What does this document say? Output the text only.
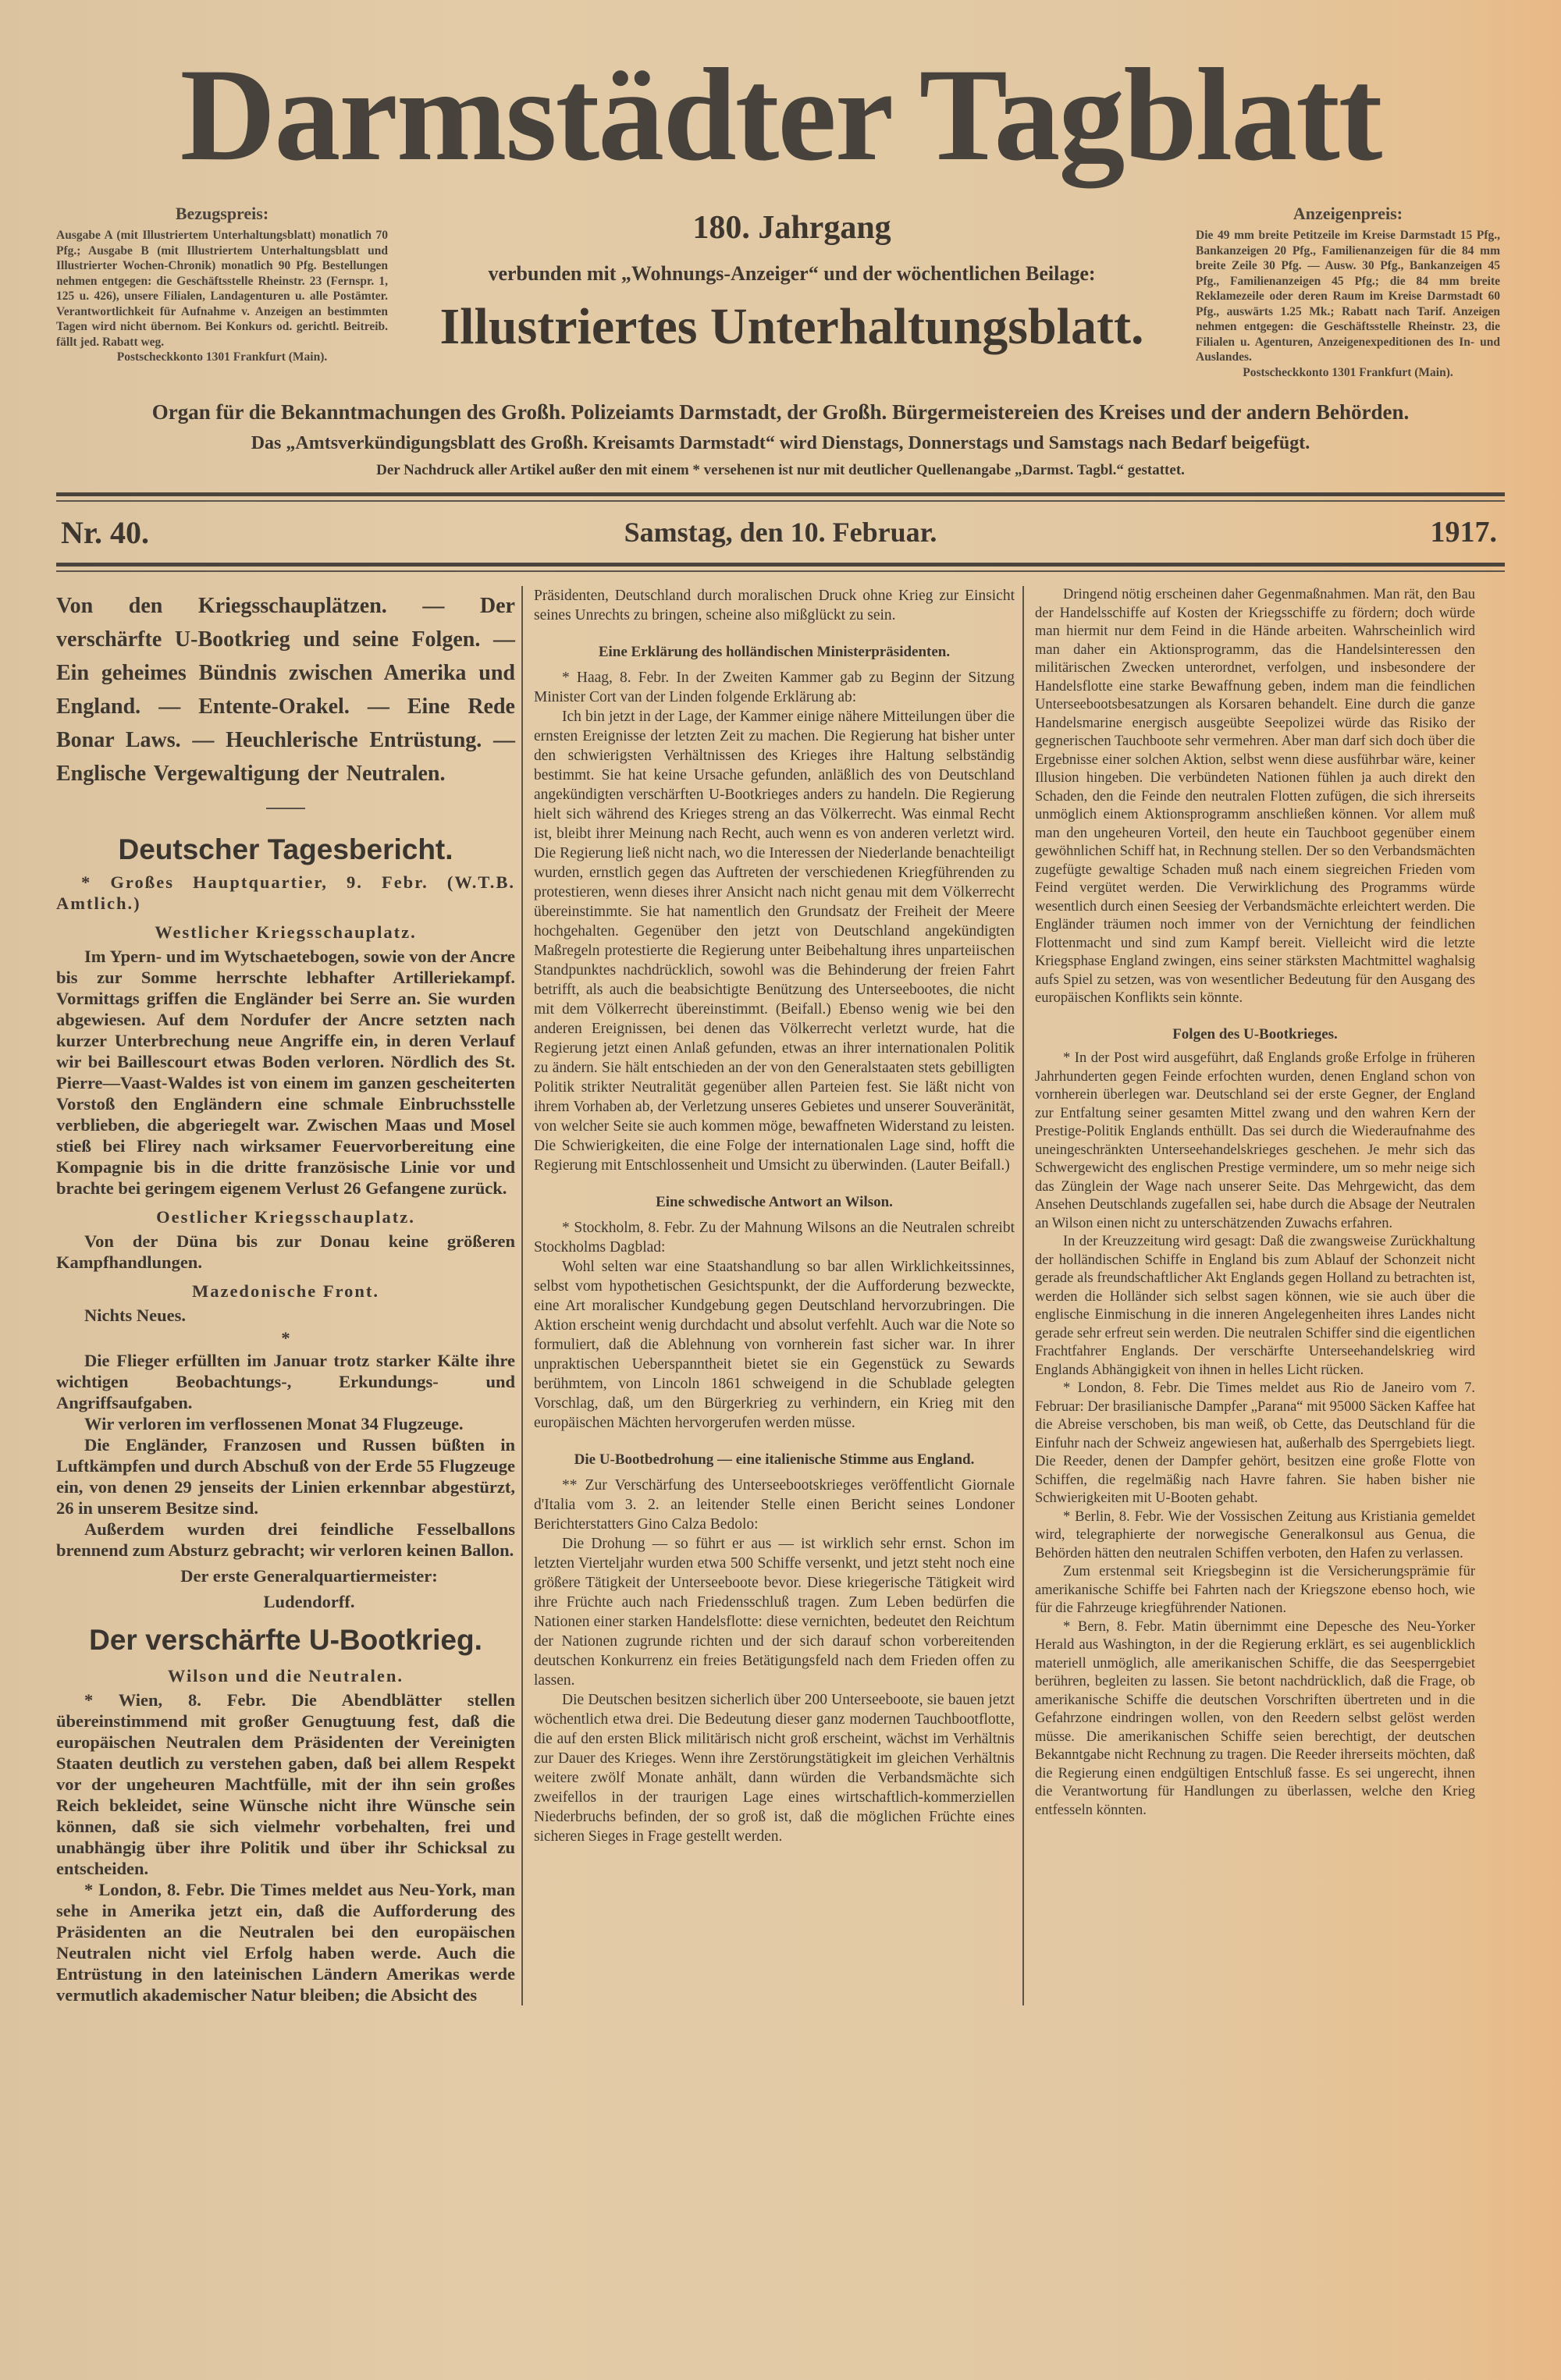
Darmstädter Tagblatt
Bezugspreis:
Ausgabe A (mit Illustriertem Unterhaltungsblatt) monatlich 70 Pfg.; Ausgabe B (mit Illustriertem Unterhaltungsblatt und Illustrierter Wochen-Chronik) monatlich 90 Pfg. Bestellungen nehmen entgegen: die Geschäftsstelle Rheinstr. 23 (Fernspr. 1, 125 u. 426), unsere Filialen, Landagenturen u. alle Postämter. Verantwortlichkeit für Aufnahme v. Anzeigen an bestimmten Tagen wird nicht übernom. Bei Konkurs od. gerichtl. Beitreib. fällt jed. Rabatt weg.
Postscheckkonto 1301 Frankfurt (Main).
180. Jahrgang
verbunden mit „Wohnungs-Anzeiger“ und der wöchentlichen Beilage:
Illustriertes Unterhaltungsblatt.
Anzeigenpreis:
Die 49 mm breite Petitzeile im Kreise Darmstadt 15 Pfg., Bankanzeigen 20 Pfg., Familienanzeigen für die 84 mm breite Zeile 30 Pfg. — Ausw. 30 Pfg., Bankanzeigen 45 Pfg., Familienanzeigen 45 Pfg.; die 84 mm breite Reklamezeile oder deren Raum im Kreise Darmstadt 60 Pfg., auswärts 1.25 Mk.; Rabatt nach Tarif. Anzeigen nehmen entgegen: die Geschäftsstelle Rheinstr. 23, die Filialen u. Agenturen, Anzeigenexpeditionen des In- und Auslandes.
Postscheckkonto 1301 Frankfurt (Main).
Organ für die Bekanntmachungen des Großh. Polizeiamts Darmstadt, der Großh. Bürgermeistereien des Kreises und der andern Behörden.
Das „Amtsverkündigungsblatt des Großh. Kreisamts Darmstadt“ wird Dienstags, Donnerstags und Samstags nach Bedarf beigefügt.
Der Nachdruck aller Artikel außer den mit einem * versehenen ist nur mit deutlicher Quellenangabe „Darmst. Tagbl.“ gestattet.
Nr. 40.	Samstag, den 10. Februar.	1917.
Von den Kriegsschauplätzen. — Der verschärfte U-Bootkrieg und seine Folgen. — Ein geheimes Bündnis zwischen Amerika und England. — Entente-Orakel. — Eine Rede Bonar Laws. — Heuchlerische Entrüstung. — Englische Vergewaltigung der Neutralen.
Deutscher Tagesbericht.
* Großes Hauptquartier, 9. Febr. (W.T.B. Amtlich.)
Westlicher Kriegsschauplatz.
Im Ypern- und im Wytschaetebogen, sowie von der Ancre bis zur Somme herrschte lebhafter Artilleriekampf. Vormittags griffen die Engländer bei Serre an. Sie wurden abgewiesen. Auf dem Nordufer der Ancre setzten nach kurzer Unterbrechung neue Angriffe ein, in deren Verlauf wir bei Baillescourt etwas Boden verloren. Nördlich des St. Pierre—Vaast-Waldes ist von einem im ganzen gescheiterten Vorstoß den Engländern eine schmale Einbruchsstelle verblieben, die abgeriegelt war. Zwischen Maas und Mosel stieß bei Flirey nach wirksamer Feuervorbereitung eine Kompagnie bis in die dritte französische Linie vor und brachte bei geringem eigenem Verlust 26 Gefangene zurück.
Oestlicher Kriegsschauplatz.
Von der Düna bis zur Donau keine größeren Kampfhandlungen.
Mazedonische Front.
Nichts Neues.
*
Die Flieger erfüllten im Januar trotz starker Kälte ihre wichtigen Beobachtungs-, Erkundungs- und Angriffsaufgaben.
Wir verloren im verflossenen Monat 34 Flugzeuge.
Die Engländer, Franzosen und Russen büßten in Luftkämpfen und durch Abschuß von der Erde 55 Flugzeuge ein, von denen 29 jenseits der Linien erkennbar abgestürzt, 26 in unserem Besitze sind.
Außerdem wurden drei feindliche Fesselballons brennend zum Absturz gebracht; wir verloren keinen Ballon.
Der erste Generalquartiermeister:
Ludendorff.
Der verschärfte U-Bootkrieg.
Wilson und die Neutralen.
* Wien, 8. Febr. Die Abendblätter stellen übereinstimmend mit großer Genugtuung fest, daß die europäischen Neutralen dem Präsidenten der Vereinigten Staaten deutlich zu verstehen gaben, daß bei allem Respekt vor der ungeheuren Machtfülle, mit der ihn sein großes Reich bekleidet, seine Wünsche nicht ihre Wünsche sein können, daß sie sich vielmehr vorbehalten, frei und unabhängig über ihre Politik und über ihr Schicksal zu entscheiden.
* London, 8. Febr. Die Times meldet aus Neu-York, man sehe in Amerika jetzt ein, daß die Aufforderung des Präsidenten an die Neutralen bei den europäischen Neutralen nicht viel Erfolg haben werde. Auch die Entrüstung in den lateinischen Ländern Amerikas werde vermutlich akademischer Natur bleiben; die Absicht des
Präsidenten, Deutschland durch moralischen Druck ohne Krieg zur Einsicht seines Unrechts zu bringen, scheine also mißglückt zu sein.
Eine Erklärung des holländischen Ministerpräsidenten.
* Haag, 8. Febr. In der Zweiten Kammer gab zu Beginn der Sitzung Minister Cort van der Linden folgende Erklärung ab:
Ich bin jetzt in der Lage, der Kammer einige nähere Mitteilungen über die ernsten Ereignisse der letzten Zeit zu machen. Die Regierung hat bisher unter den schwierigsten Verhältnissen des Krieges ihre Haltung selbständig bestimmt. Sie hat keine Ursache gefunden, anläßlich des von Deutschland angekündigten verschärften U-Bootkrieges anders zu handeln. Die Regierung hielt sich während des Krieges streng an das Völkerrecht. Was einmal Recht ist, bleibt ihrer Meinung nach Recht, auch wenn es von anderen verletzt wird. Die Regierung ließ nicht nach, wo die Interessen der Niederlande benachteiligt wurden, ernstlich gegen das Auftreten der verschiedenen Kriegführenden zu protestieren, wenn dieses ihrer Ansicht nach nicht genau mit dem Völkerrecht übereinstimmte. Sie hat namentlich den Grundsatz der Freiheit der Meere hochgehalten. Gegenüber den jetzt von Deutschland angekündigten Maßregeln protestierte die Regierung unter Beibehaltung ihres unparteiischen Standpunktes nachdrücklich, sowohl was die Behinderung der freien Fahrt betrifft, als auch die beabsichtigte Benützung des Unterseebootes, die nicht mit dem Völkerrecht übereinstimmt. (Beifall.) Ebenso wenig wie bei den anderen Ereignissen, bei denen das Völkerrecht verletzt wurde, hat die Regierung jetzt einen Anlaß gefunden, etwas an ihrer internationalen Politik zu ändern. Sie hält entschieden an der von den Generalstaaten stets gebilligten Politik strikter Neutralität gegenüber allen Parteien fest. Sie läßt nicht von ihrem Vorhaben ab, der Verletzung unseres Gebietes und unserer Souveränität, von welcher Seite sie auch kommen möge, bewaffneten Widerstand zu leisten. Die Schwierigkeiten, die eine Folge der internationalen Lage sind, hofft die Regierung mit Entschlossenheit und Umsicht zu überwinden. (Lauter Beifall.)
Eine schwedische Antwort an Wilson.
* Stockholm, 8. Febr. Zu der Mahnung Wilsons an die Neutralen schreibt Stockholms Dagblad:
Wohl selten war eine Staatshandlung so bar allen Wirklichkeitssinnes, selbst vom hypothetischen Gesichtspunkt, der die Aufforderung bezweckte, eine Art moralischer Kundgebung gegen Deutschland hervorzubringen. Die Aktion erscheint wenig durchdacht und absolut verfehlt. Auch war die Note so formuliert, daß die Ablehnung von vornherein fast sicher war. In ihrer unpraktischen Ueberspanntheit bietet sie ein Gegenstück zu Sewards berühmtem, von Lincoln 1861 schweigend in die Schublade gelegten Vorschlag, daß, um den Bürgerkrieg zu verhindern, ein Krieg mit den europäischen Mächten hervorgerufen werden müsse.
Die U-Bootbedrohung — eine italienische Stimme aus England.
** Zur Verschärfung des Unterseebootskrieges veröffentlicht Giornale d'Italia vom 3. 2. an leitender Stelle einen Bericht seines Londoner Berichterstatters Gino Calza Bedolo:
Die Drohung — so führt er aus — ist wirklich sehr ernst. Schon im letzten Vierteljahr wurden etwa 500 Schiffe versenkt, und jetzt steht noch eine größere Tätigkeit der Unterseeboote bevor. Diese kriegerische Tätigkeit wird ihre Früchte auch nach Friedensschluß tragen. Zum Leben bedürfen die Nationen einer starken Handelsflotte: diese vernichten, bedeutet den Reichtum der Nationen zugrunde richten und der sich darauf schon vorbereitenden deutschen Konkurrenz ein freies Betätigungsfeld nach dem Frieden offen zu lassen.
Die Deutschen besitzen sicherlich über 200 Unterseeboote, sie bauen jetzt wöchentlich etwa drei. Die Bedeutung dieser ganz modernen Tauchbootflotte, die auf den ersten Blick militärisch nicht groß erscheint, wächst im Verhältnis zur Dauer des Krieges. Wenn ihre Zerstörungstätigkeit im gleichen Verhältnis weitere zwölf Monate anhält, dann würden die Verbandsmächte sich zweifellos in der traurigen Lage eines wirtschaftlich-kommerziellen Niederbruchs befinden, der so groß ist, daß die möglichen Früchte eines sicheren Sieges in Frage gestellt werden.
Dringend nötig erscheinen daher Gegenmaßnahmen. Man rät, den Bau der Handelsschiffe auf Kosten der Kriegsschiffe zu fördern; doch würde man hiermit nur dem Feind in die Hände arbeiten. Wahrscheinlich wird man daher ein Aktionsprogramm, das die Handelsinteressen den militärischen Zwecken unterordnet, verfolgen, und insbesondere der Handelsflotte eine starke Bewaffnung geben, indem man die feindlichen Unterseebootsbesatzungen als Korsaren behandelt. Eine durch die ganze Handelsmarine energisch ausgeübte Seepolizei würde das Risiko der gegnerischen Tauchboote sehr vermehren. Aber man darf sich doch über die Ergebnisse einer solchen Aktion, selbst wenn diese ausführbar wäre, keiner Illusion hingeben. Die verbündeten Nationen fühlen ja auch direkt den Schaden, den die Feinde den neutralen Flotten zufügen, die sich ihrerseits unmöglich einem Aktionsprogramm anschließen können. Vor allem muß man den ungeheuren Vorteil, den heute ein Tauchboot gegenüber einem gewöhnlichen Schiff hat, in Rechnung stellen. Der so den Verbandsmächten zugefügte gewaltige Schaden muß nach einem siegreichen Frieden vom Feind vergütet werden. Die Verwirklichung des Programms würde wesentlich durch einen Seesieg der Verbandsmächte erleichtert werden. Die Engländer träumen noch immer von der Vernichtung der feindlichen Flottenmacht und sind zum Kampf bereit. Vielleicht wird die letzte Kriegsphase England zwingen, eins seiner stärksten Machtmittel waghalsig aufs Spiel zu setzen, was von wesentlicher Bedeutung für den Ausgang des europäischen Konflikts sein könnte.
Folgen des U-Bootkrieges.
* In der Post wird ausgeführt, daß Englands große Erfolge in früheren Jahrhunderten gegen Feinde erfochten wurden, denen England schon von vornherein überlegen war. Deutschland sei der erste Gegner, der England zur Entfaltung seiner gesamten Mittel zwang und den wahren Kern der Prestige-Politik Englands enthüllt. Das sei durch die Wiederaufnahme des uneingeschränkten Unterseehandelskrieges geschehen. Je mehr sich das Schwergewicht des englischen Prestige vermindere, um so mehr neige sich das Zünglein der Wage nach unserer Seite. Das Mehrgewicht, das dem Ansehen Deutschlands zugefallen sei, habe durch die Absage der Neutralen an Wilson einen nicht zu unterschätzenden Zuwachs erfahren.
In der Kreuzzeitung wird gesagt: Daß die zwangsweise Zurückhaltung der holländischen Schiffe in England bis zum Ablauf der Schonzeit nicht gerade als freundschaftlicher Akt Englands gegen Holland zu betrachten ist, werden die Holländer sich selbst sagen können, wie sie auch über die englische Einmischung in die inneren Angelegenheiten ihres Landes nicht gerade sehr erfreut sein werden. Die neutralen Schiffer sind die eigentlichen Frachtfahrer Englands. Der verschärfte Unterseehandelskrieg wird Englands Abhängigkeit von ihnen in helles Licht rücken.
* London, 8. Febr. Die Times meldet aus Rio de Janeiro vom 7. Februar: Der brasilianische Dampfer „Parana“ mit 95000 Säcken Kaffee hat die Abreise verschoben, bis man weiß, ob Cette, das Deutschland für die Einfuhr nach der Schweiz angewiesen hat, außerhalb des Sperrgebiets liegt. Die Reeder, denen der Dampfer gehört, besitzen eine große Flotte von Schiffen, die regelmäßig nach Havre fahren. Sie haben bisher nie Schwierigkeiten mit U-Booten gehabt.
* Berlin, 8. Febr. Wie der Vossischen Zeitung aus Kristiania gemeldet wird, telegraphierte der norwegische Generalkonsul aus Genua, die Behörden hätten den neutralen Schiffen verboten, den Hafen zu verlassen.
Zum erstenmal seit Kriegsbeginn ist die Versicherungsprämie für amerikanische Schiffe bei Fahrten nach der Kriegszone ebenso hoch, wie für die Fahrzeuge kriegführender Nationen.
* Bern, 8. Febr. Matin übernimmt eine Depesche des Neu-Yorker Herald aus Washington, in der die Regierung erklärt, es sei augenblicklich materiell unmöglich, alle amerikanischen Schiffe, die das Seesperrgebiet berühren, begleiten zu lassen. Sie betont nachdrücklich, daß die Frage, ob amerikanische Schiffe die deutschen Vorschriften übertreten und in die Gefahrzone eindringen wollen, von den Reedern selbst gelöst werden müsse. Die amerikanischen Schiffe seien berechtigt, der deutschen Bekanntgabe nicht Rechnung zu tragen. Die Reeder ihrerseits möchten, daß die Regierung einen endgültigen Entschluß fasse. Es sei ungerecht, ihnen die Verantwortung für Handlungen zu überlassen, welche den Krieg entfesseln könnten.
